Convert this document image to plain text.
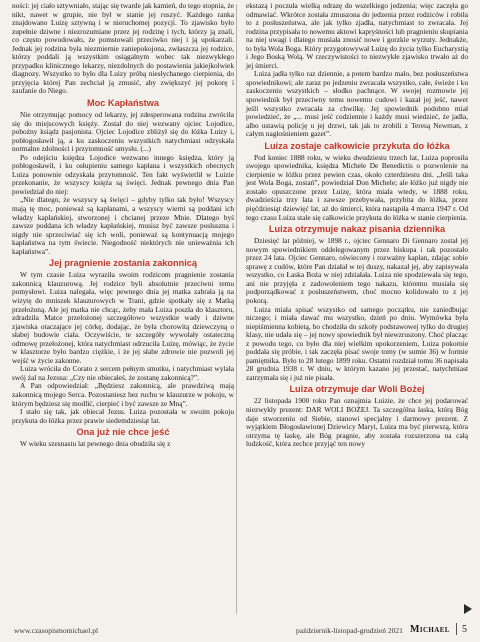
ności: jej ciało sztywniało, stając się twarde jak kamień, do tego stopnia, że nikt, nawet w grupie, nie był w stanie jej ruszyć. Każdego ranka znajdowano Luizę sztywną i w nieruchomej pozycji. To zjawisko było zupełnie dziwne i niezrozumiane przez jej rodzinę i tych, którzy ją znali, co często powodowało, że pomstowali przeciwko niej i ją upokarzali. Jednak jej rodzina była niezmiernie zaniepokojona, zwłaszcza jej rodzice, którzy poddali ją wszystkim osiągalnym wobec tak niezwykłego przypadku klinicznego lekarzy, niezdolnych do postawienia jakiejkolwiek diagnozy. Wszystko to było dla Luizy próbą niesłychanego cierpienia, do przyjęcia której Pan zechciał ją zmusić, aby zwiększyć jej pokorę i zaufanie do Niego.

Moc Kapłaństwa

Nie otrzymując pomocy od lekarzy, jej zdesperowana rodzina zwróciła się do miejscowych księży. Został do niej wezwany ojciec Lojodice, pobożny ksiądz pasjonista. Ojciec Lojodice zbliżył się do łóżka Luizy i, pobłogosławił ją, a ku zaskoczeniu wszystkich natychmiast odzyskała normalne zdolności i przytomność umysłu. (...)

Po odejściu księdza Lojodice wezwano innego księdza, który ją pobłogosławił, i ku osłupieniu samego kapłana i wszystkich obecnych Luiza ponownie odzyskała przytomność. Ten fakt wyświetlił w Luizie przekonanie, że wszyscy księża są święci. Jednak pewnego dnia Pan powiedział do niej:

„Nie dlatego, że wszyscy są święci – gdyby tylko tak było! Wszyscy mają tę moc, ponieważ są kapłanami, a wszyscy wierni są poddani ich władzy kapłańskiej, stworzonej i chcianej przeze Mnie. Dlatego byś zawsze poddana ich władzy kapłańskiej, musisz być zawsze posłuszna i nigdy nie sprzeciwiać się ich woli, ponieważ są kontynuacją mojego kapłaństwa na tym świecie. Niegodność niektórych nie unieważnia ich kapłaństwa”.

Jej pragnienie zostania zakonnicą

W tym czasie Luiza wyraziła swoim rodzicom pragnienie zostania zakonnicą klauzurową. Jej rodzice byli absolutnie przeciwni temu pomysłowi. Luiza nalegała, więc pewnego dnia jej matka zabrała ją na wizytę do mniszek klauzurowych w Trani, gdzie spotkały się z Matką przełożoną. Ale jej matka nie chcąc, żeby mała Luiza poszła do klasztoru, zdradziła Matce przełożonej szczegółowo wszystkie wady i dziwne zjawiska otaczające jej córkę, dodając, że była chorowitą dziewczyną o słabej budowie ciała. Oczywiście, te szczegóły wywołały ostateczną odmowę przełożonej, która natychmiast odrzuciła Luizę, mówiąc, że życie w klasztorze było bardzo ciężkie, i że jej słabe zdrowie nie pozwoli jej wejść w życie zakonne.

Luiza wróciła do Corato z sercem pełnym smutku, i natychmiast wylała swój żal na Jezusa: „Czy nie obiecałeś, że zostanę zakonnicą?”.

A Pan odpowiedział: „Będziesz zakonnicą, ale prawdziwą mają zakonnicą mojego Serca. Pozostaniesz bez ruchu w klauzurze w pokoju, w którym będziesz się modlić, cierpieć i być zawsze ze Mną”.

I stało się tak, jak obiecał Jezus. Luiza pozostała w swoim pokoju przykuta do łóżka przez prawie siedemdziesiąt lat.

Ona już nie chce jeść

W wieku szesnastu lat pewnego dnia obudziła się z

ekstazą i poczuła wielką odrazę do wszelkiego jedzenia; więc zaczęła go odmawiać. Wkrótce została zmuszona do jedzenia przez rodziców i robiła to z posłuszeństwa, ale jak tylko zjadła, natychmiast to zwracała. Jej rodzina przypisała to nowemu aktowi kapryśności lub pragnieniu skupiania na niej uwagi i dlatego musiała znosić nowe i gorzkie wyrzuty. Jednakże, to była Wola Boga. Który przygotowywał Luizę do życia tylko Eucharystią i Jego Boską Wolą. W rzeczywistości to niezwykłe zjawisko trwało aż do jej śmierci.

Luiza jadła tylko raz dziennie, a potem bardzo mało, bez posłuszeństwa spowiednikowi; ale zaraz po jedzeniu zwracała wszystko, całe, świeże i ku zaskoczeniu wszystkich – słodko pachnące. W swojej rozmowie jej spowiednik był przeciwny temu nowemu cudowi i kazał jej jeść, nawet jeśli wszystko zwracała za chwilkę. Jej spowiednik podobno miał powiedzieć, że „... musi jeść codziennie i każdy musi wiedzieć, że jadła, albo ustawią policję u jej drzwi, tak jak to zrobili z Teresą Newman, z całym nagłośnieniem gazet”.

Luiza zostaje całkowicie przykuta do łóżka

Pod koniec 1888 roku, w wieku dwudziestu trzech lat, Luiza poprosiła swojego spowiednika, księdza Michele De Benedictis o pozwolenie na cierpienie w łóżku przez pewien czas, około czterdziestu dni. „Jeśli taka jest Wola Boga, zostań”, powiedział Don Michele; ale łóżko już nigdy nie zostało opuszczone przez Luizę, która miała wtedy, w 1888 roku, dwadzieścia trzy lata i zawsze przebywała, przybita do łóżka, przez pięćdziesiąt dziewięć lat, aż do śmierci, która nastąpiła 4 marca 1947 r. Od tego czasu Luiza stale się całkowicie przykuta do łóżka w stanie cierpienia.

Luiza otrzymuje nakaz pisania dziennika

Dziesięć lat później, w 1898 r., ojciec Gennaro Di Gennaro został jej nowym spowiednikiem oddelegowanym przez biskupa i tak pozostało przez 24 lata. Ojciec Gennaro, oświecony i rozważny kapłan, zdając sobie sprawę z cudów, które Pan działał w tej duszy, nakazał jej, aby zapisywała wszystko, co Łaska Boża w niej zdziałała. Luiza nie spodziewała się tego, ani nie przyjęła z zadowoleniem tego nakazu, któremu musiała się podporządkować z posłuszeństwem, choć mocno kolidowało to z jej pokorą.

Luiza miała spisać wszystko od samego początku, nie zaniedbując niczego; i miała dawać mu wszystko, dzień po dniu. Wymówka była niepiśmienna kobietą, bo chodziła do szkoły podstawowej tylko do drugiej klasy, nie udała się – jej nowy spowiednik był niewzruszony. Choć płacząc z powodu tego, co było dla niej wielkim upokorzeniem, Luiza pokornie poddała się próbie, i tak zaczęła pisać swoje tomy (w sumie 36) w formie pamiętnika. Było to 28 lutego 1899 roku. Ostatni rozdział tomu 36 napisała 28 grudnia 1938 r. W dniu, w którym kazano jej przestać, natychmiast zatrzymała się i już nie pisała.

Luiza otrzymuje dar Woli Bożej

22 listopada 1900 roku Pan oznajmia Luizie, że chce jej podarować niezwykły prezent: DAR WOLI BOŻEJ. Ta szczególna łaska, którą Bóg daje stworzeniu od Siebie, stanowi specjalny i darmowy prezent. Z wyjątkiem Błogosławionej Dziewicy Maryi, Luiza ma być pierwszą, która otrzyma tę łaskę, ale Bóg pragnie, aby została rozszerzona na całą ludzkość, która zechce przyjąć ten nowy

www.czasopismomichael.pl	październik-listopad-grudzień 2021 Michael 5
